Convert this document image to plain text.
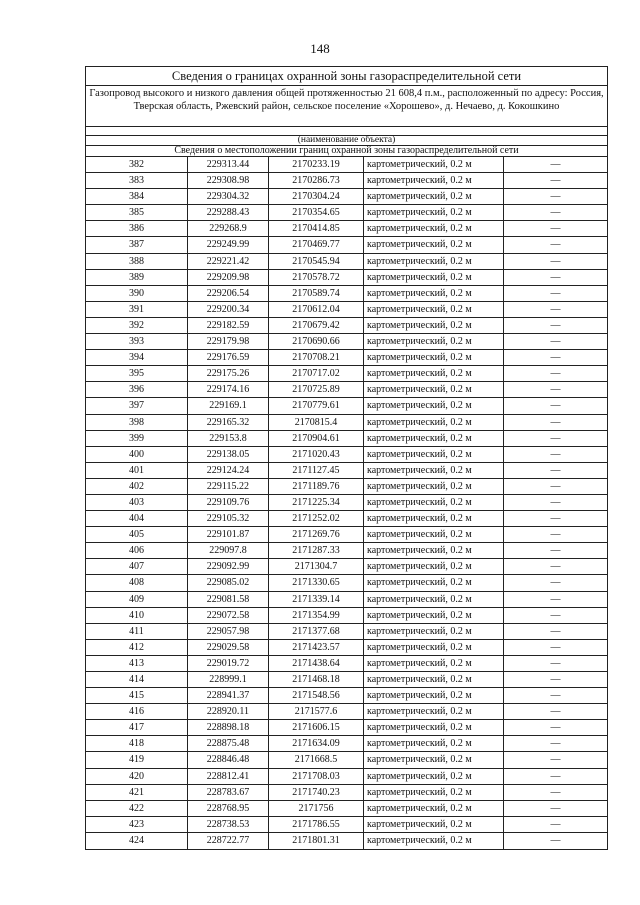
148
Сведения о границах охранной зоны газораспределительной сети
Газопровод высокого и низкого давления общей протяженностью 21 608,4 п.м., расположенный по адресу: Россия, Тверская область, Ржевский район, сельское поселение «Хорошево», д. Нечаево, д. Кокошкино
(наименование объекта)
Сведения о местоположении границ охранной зоны газораспределительной сети
382	229313.44	2170233.19	картометрический, 0.2 м	—
383	229308.98	2170286.73	картометрический, 0.2 м	—
384	229304.32	2170304.24	картометрический, 0.2 м	—
385	229288.43	2170354.65	картометрический, 0.2 м	—
386	229268.9	2170414.85	картометрический, 0.2 м	—
387	229249.99	2170469.77	картометрический, 0.2 м	—
388	229221.42	2170545.94	картометрический, 0.2 м	—
389	229209.98	2170578.72	картометрический, 0.2 м	—
390	229206.54	2170589.74	картометрический, 0.2 м	—
391	229200.34	2170612.04	картометрический, 0.2 м	—
392	229182.59	2170679.42	картометрический, 0.2 м	—
393	229179.98	2170690.66	картометрический, 0.2 м	—
394	229176.59	2170708.21	картометрический, 0.2 м	—
395	229175.26	2170717.02	картометрический, 0.2 м	—
396	229174.16	2170725.89	картометрический, 0.2 м	—
397	229169.1	2170779.61	картометрический, 0.2 м	—
398	229165.32	2170815.4	картометрический, 0.2 м	—
399	229153.8	2170904.61	картометрический, 0.2 м	—
400	229138.05	2171020.43	картометрический, 0.2 м	—
401	229124.24	2171127.45	картометрический, 0.2 м	—
402	229115.22	2171189.76	картометрический, 0.2 м	—
403	229109.76	2171225.34	картометрический, 0.2 м	—
404	229105.32	2171252.02	картометрический, 0.2 м	—
405	229101.87	2171269.76	картометрический, 0.2 м	—
406	229097.8	2171287.33	картометрический, 0.2 м	—
407	229092.99	2171304.7	картометрический, 0.2 м	—
408	229085.02	2171330.65	картометрический, 0.2 м	—
409	229081.58	2171339.14	картометрический, 0.2 м	—
410	229072.58	2171354.99	картометрический, 0.2 м	—
411	229057.98	2171377.68	картометрический, 0.2 м	—
412	229029.58	2171423.57	картометрический, 0.2 м	—
413	229019.72	2171438.64	картометрический, 0.2 м	—
414	228999.1	2171468.18	картометрический, 0.2 м	—
415	228941.37	2171548.56	картометрический, 0.2 м	—
416	228920.11	2171577.6	картометрический, 0.2 м	—
417	228898.18	2171606.15	картометрический, 0.2 м	—
418	228875.48	2171634.09	картометрический, 0.2 м	—
419	228846.48	2171668.5	картометрический, 0.2 м	—
420	228812.41	2171708.03	картометрический, 0.2 м	—
421	228783.67	2171740.23	картометрический, 0.2 м	—
422	228768.95	2171756	картометрический, 0.2 м	—
423	228738.53	2171786.55	картометрический, 0.2 м	—
424	228722.77	2171801.31	картометрический, 0.2 м	—
